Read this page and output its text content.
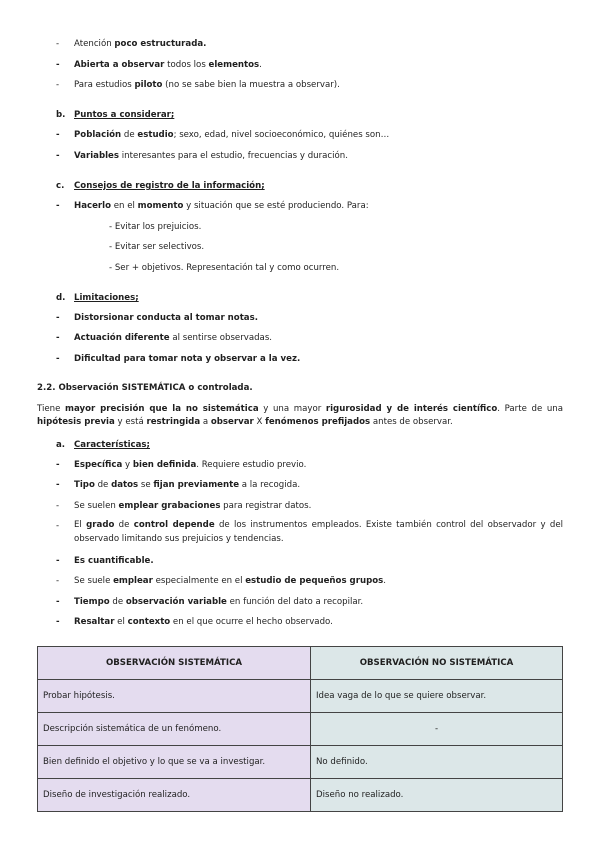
- Atención poco estructurada.
- Abierta a observar todos los elementos.
- Para estudios piloto (no se sabe bien la muestra a observar).
b. Puntos a considerar;
- Población de estudio; sexo, edad, nivel socioeconómico, quiénes son…
- Variables interesantes para el estudio, frecuencias y duración.
c. Consejos de registro de la información;
- Hacerlo en el momento y situación que se esté produciendo. Para:
- Evitar los prejuicios.
- Evitar ser selectivos.
- Ser + objetivos. Representación tal y como ocurren.
d. Limitaciones;
- Distorsionar conducta al tomar notas.
- Actuación diferente al sentirse observadas.
- Dificultad para tomar nota y observar a la vez.
2.2. Observación SISTEMÁTICA o controlada.
Tiene mayor precisión que la no sistemática y una mayor rigurosidad y de interés científico. Parte de una hipótesis previa y está restringida a observar X fenómenos prefijados antes de observar.
a. Características;
- Específica y bien definida. Requiere estudio previo.
- Tipo de datos se fijan previamente a la recogida.
- Se suelen emplear grabaciones para registrar datos.
- El grado de control depende de los instrumentos empleados. Existe también control del observador y del observado limitando sus prejuicios y tendencias.
- Es cuantificable.
- Se suele emplear especialmente en el estudio de pequeños grupos.
- Tiempo de observación variable en función del dato a recopilar.
- Resaltar el contexto en el que ocurre el hecho observado.
OBSERVACIÓN SISTEMÁTICA	OBSERVACIÓN NO SISTEMÁTICA
Probar hipótesis.	Idea vaga de lo que se quiere observar.
Descripción sistemática de un fenómeno.	-
Bien definido el objetivo y lo que se va a investigar.	No definido.
Diseño de investigación realizado.	Diseño no realizado.
